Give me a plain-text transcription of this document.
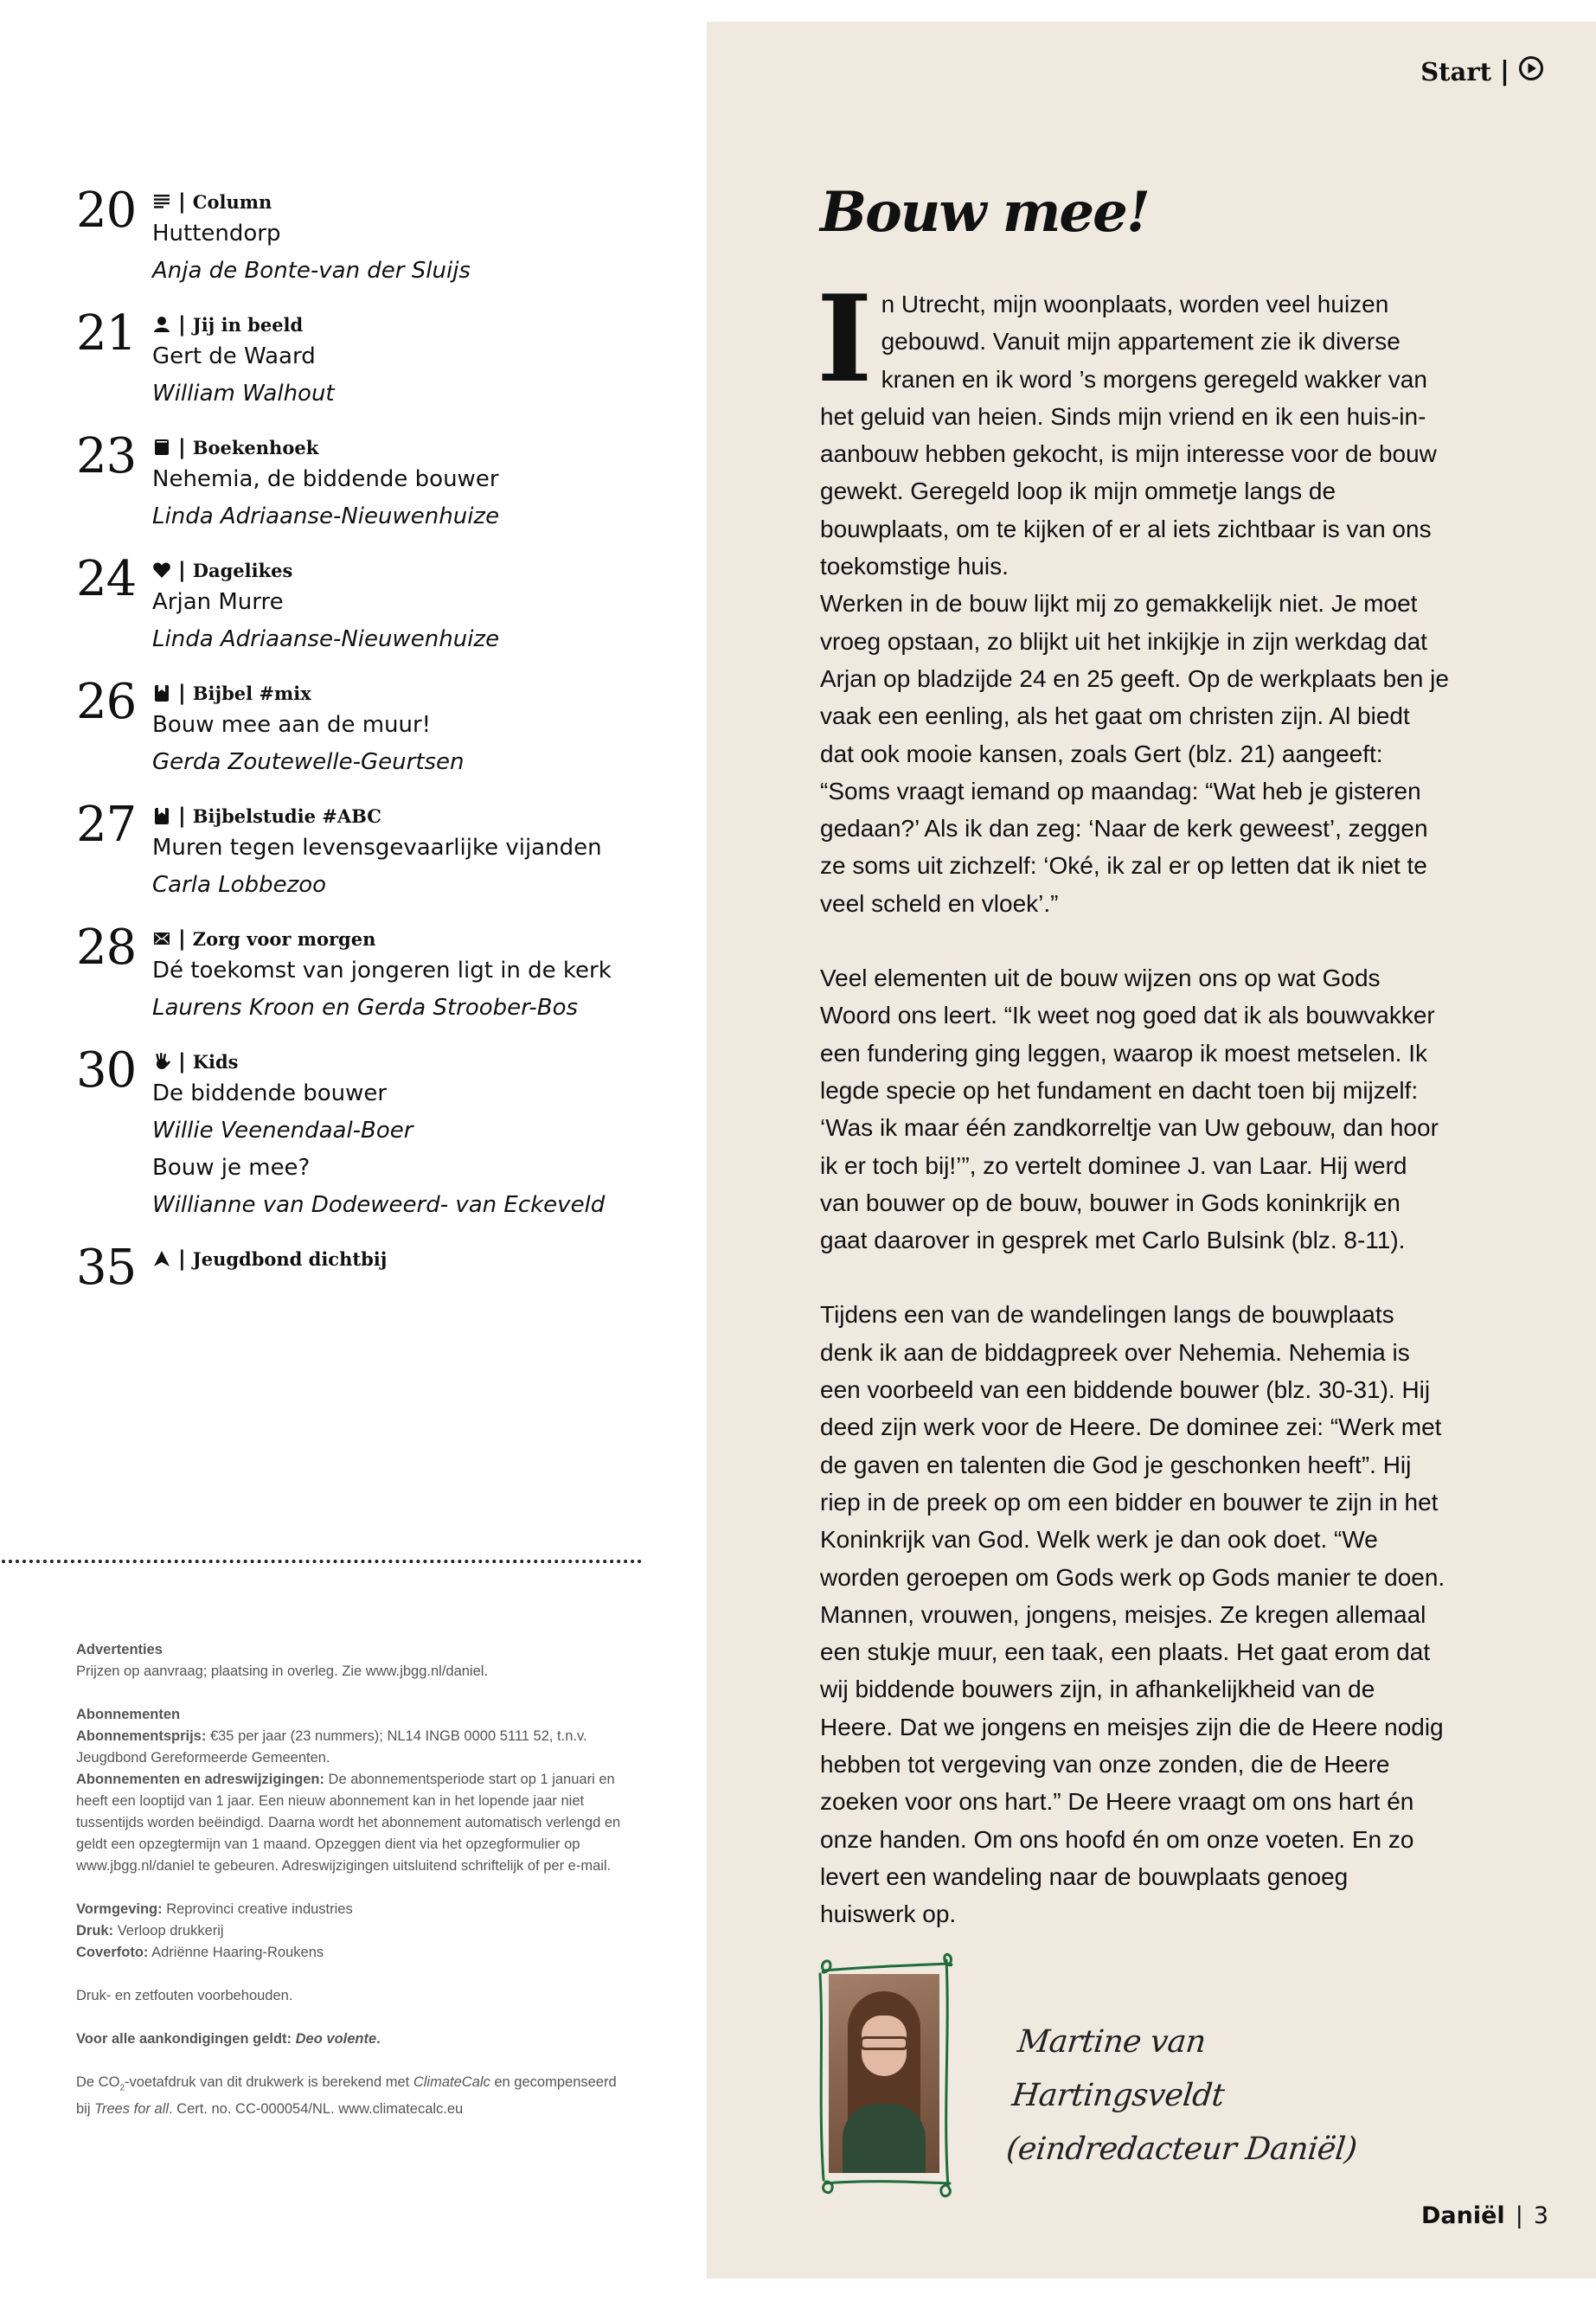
Start |
20	| Column
Huttendorp
Anja de Bonte-van der Sluijs
21	| Jij in beeld
Gert de Waard
William Walhout
23	| Boekenhoek
Nehemia, de biddende bouwer
Linda Adriaanse-Nieuwenhuize
24	| Dagelikes
Arjan Murre
Linda Adriaanse-Nieuwenhuize
26	| Bijbel #mix
Bouw mee aan de muur!
Gerda Zoutewelle-Geurtsen
27	| Bijbelstudie #ABC
Muren tegen levensgevaarlijke vijanden
Carla Lobbezoo
28	| Zorg voor morgen
Dé toekomst van jongeren ligt in de kerk
Laurens Kroon en Gerda Stroober-Bos
30	| Kids
De biddende bouwer
Willie Veenendaal-Boer
Bouw je mee?
Willianne van Dodeweerd- van Eckeveld
35	| Jeugdbond dichtbij

Advertenties
Prijzen op aanvraag; plaatsing in overleg. Zie www.jbgg.nl/daniel.

Abonnementen
Abonnementsprijs: €35 per jaar (23 nummers); NL14 INGB 0000 5111 52, t.n.v. Jeugdbond Gereformeerde Gemeenten.
Abonnementen en adreswijzigingen: De abonnementsperiode start op 1 januari en heeft een looptijd van 1 jaar. Een nieuw abonnement kan in het lopende jaar niet tussentijds worden beëindigd. Daarna wordt het abonnement automatisch verlengd en geldt een opzegtermijn van 1 maand. Opzeggen dient via het opzegformulier op www.jbgg.nl/daniel te gebeuren. Adreswijzigingen uitsluitend schriftelijk of per e-mail.

Vormgeving: Reprovinci creative industries
Druk: Verloop drukkerij
Coverfoto: Adriënne Haaring-Roukens

Druk- en zetfouten voorbehouden.

Voor alle aankondigingen geldt: Deo volente.

De $CO_2$-voetafdruk van dit drukwerk is berekend met ClimateCalc en gecompenseerd bij Trees for all. Cert. no. CC-000054/NL. www.climatecalc.eu

Bouw mee!

In Utrecht, mijn woonplaats, worden veel huizen gebouwd. Vanuit mijn appartement zie ik diverse kranen en ik word ’s morgens geregeld wakker van het geluid van heien. Sinds mijn vriend en ik een huis-in-aanbouw hebben gekocht, is mijn interesse voor de bouw gewekt. Geregeld loop ik mijn ommetje langs de bouwplaats, om te kijken of er al iets zichtbaar is van ons toekomstige huis.

Werken in de bouw lijkt mij zo gemakkelijk niet. Je moet vroeg opstaan, zo blijkt uit het inkijkje in zijn werkdag dat Arjan op bladzijde 24 en 25 geeft. Op de werkplaats ben je vaak een eenling, als het gaat om christen zijn. Al biedt dat ook mooie kansen, zoals Gert (blz. 21) aangeeft: “Soms vraagt iemand op maandag: “Wat heb je gisteren gedaan?’ Als ik dan zeg: ‘Naar de kerk geweest’, zeggen ze soms uit zichzelf: ‘Oké, ik zal er op letten dat ik niet te veel scheld en vloek’.”

Veel elementen uit de bouw wijzen ons op wat Gods Woord ons leert. “Ik weet nog goed dat ik als bouwvakker een fundering ging leggen, waarop ik moest metselen. Ik legde specie op het fundament en dacht toen bij mijzelf: ‘Was ik maar één zandkorreltje van Uw gebouw, dan hoor ik er toch bij!’”, zo vertelt dominee J. van Laar. Hij werd van bouwer op de bouw, bouwer in Gods koninkrijk en gaat daarover in gesprek met Carlo Bulsink (blz. 8-11).

Tijdens een van de wandelingen langs de bouwplaats denk ik aan de biddagpreek over Nehemia. Nehemia is een voorbeeld van een biddende bouwer (blz. 30-31). Hij deed zijn werk voor de Heere. De dominee zei: “Werk met de gaven en talenten die God je geschonken heeft”. Hij riep in de preek op om een bidder en bouwer te zijn in het Koninkrijk van God. Welk werk je dan ook doet. “We worden geroepen om Gods werk op Gods manier te doen. Mannen, vrouwen, jongens, meisjes. Ze kregen allemaal een stukje muur, een taak, een plaats. Het gaat erom dat wij biddende bouwers zijn, in afhankelijkheid van de Heere. Dat we jongens en meisjes zijn die de Heere nodig hebben tot vergeving van onze zonden, die de Heere zoeken voor ons hart.” De Heere vraagt om ons hart én onze handen. Om ons hoofd én om onze voeten. En zo levert een wandeling naar de bouwplaats genoeg huiswerk op.

Martine van Hartingsveldt
(eindredacteur Daniël)
Daniël | 3
